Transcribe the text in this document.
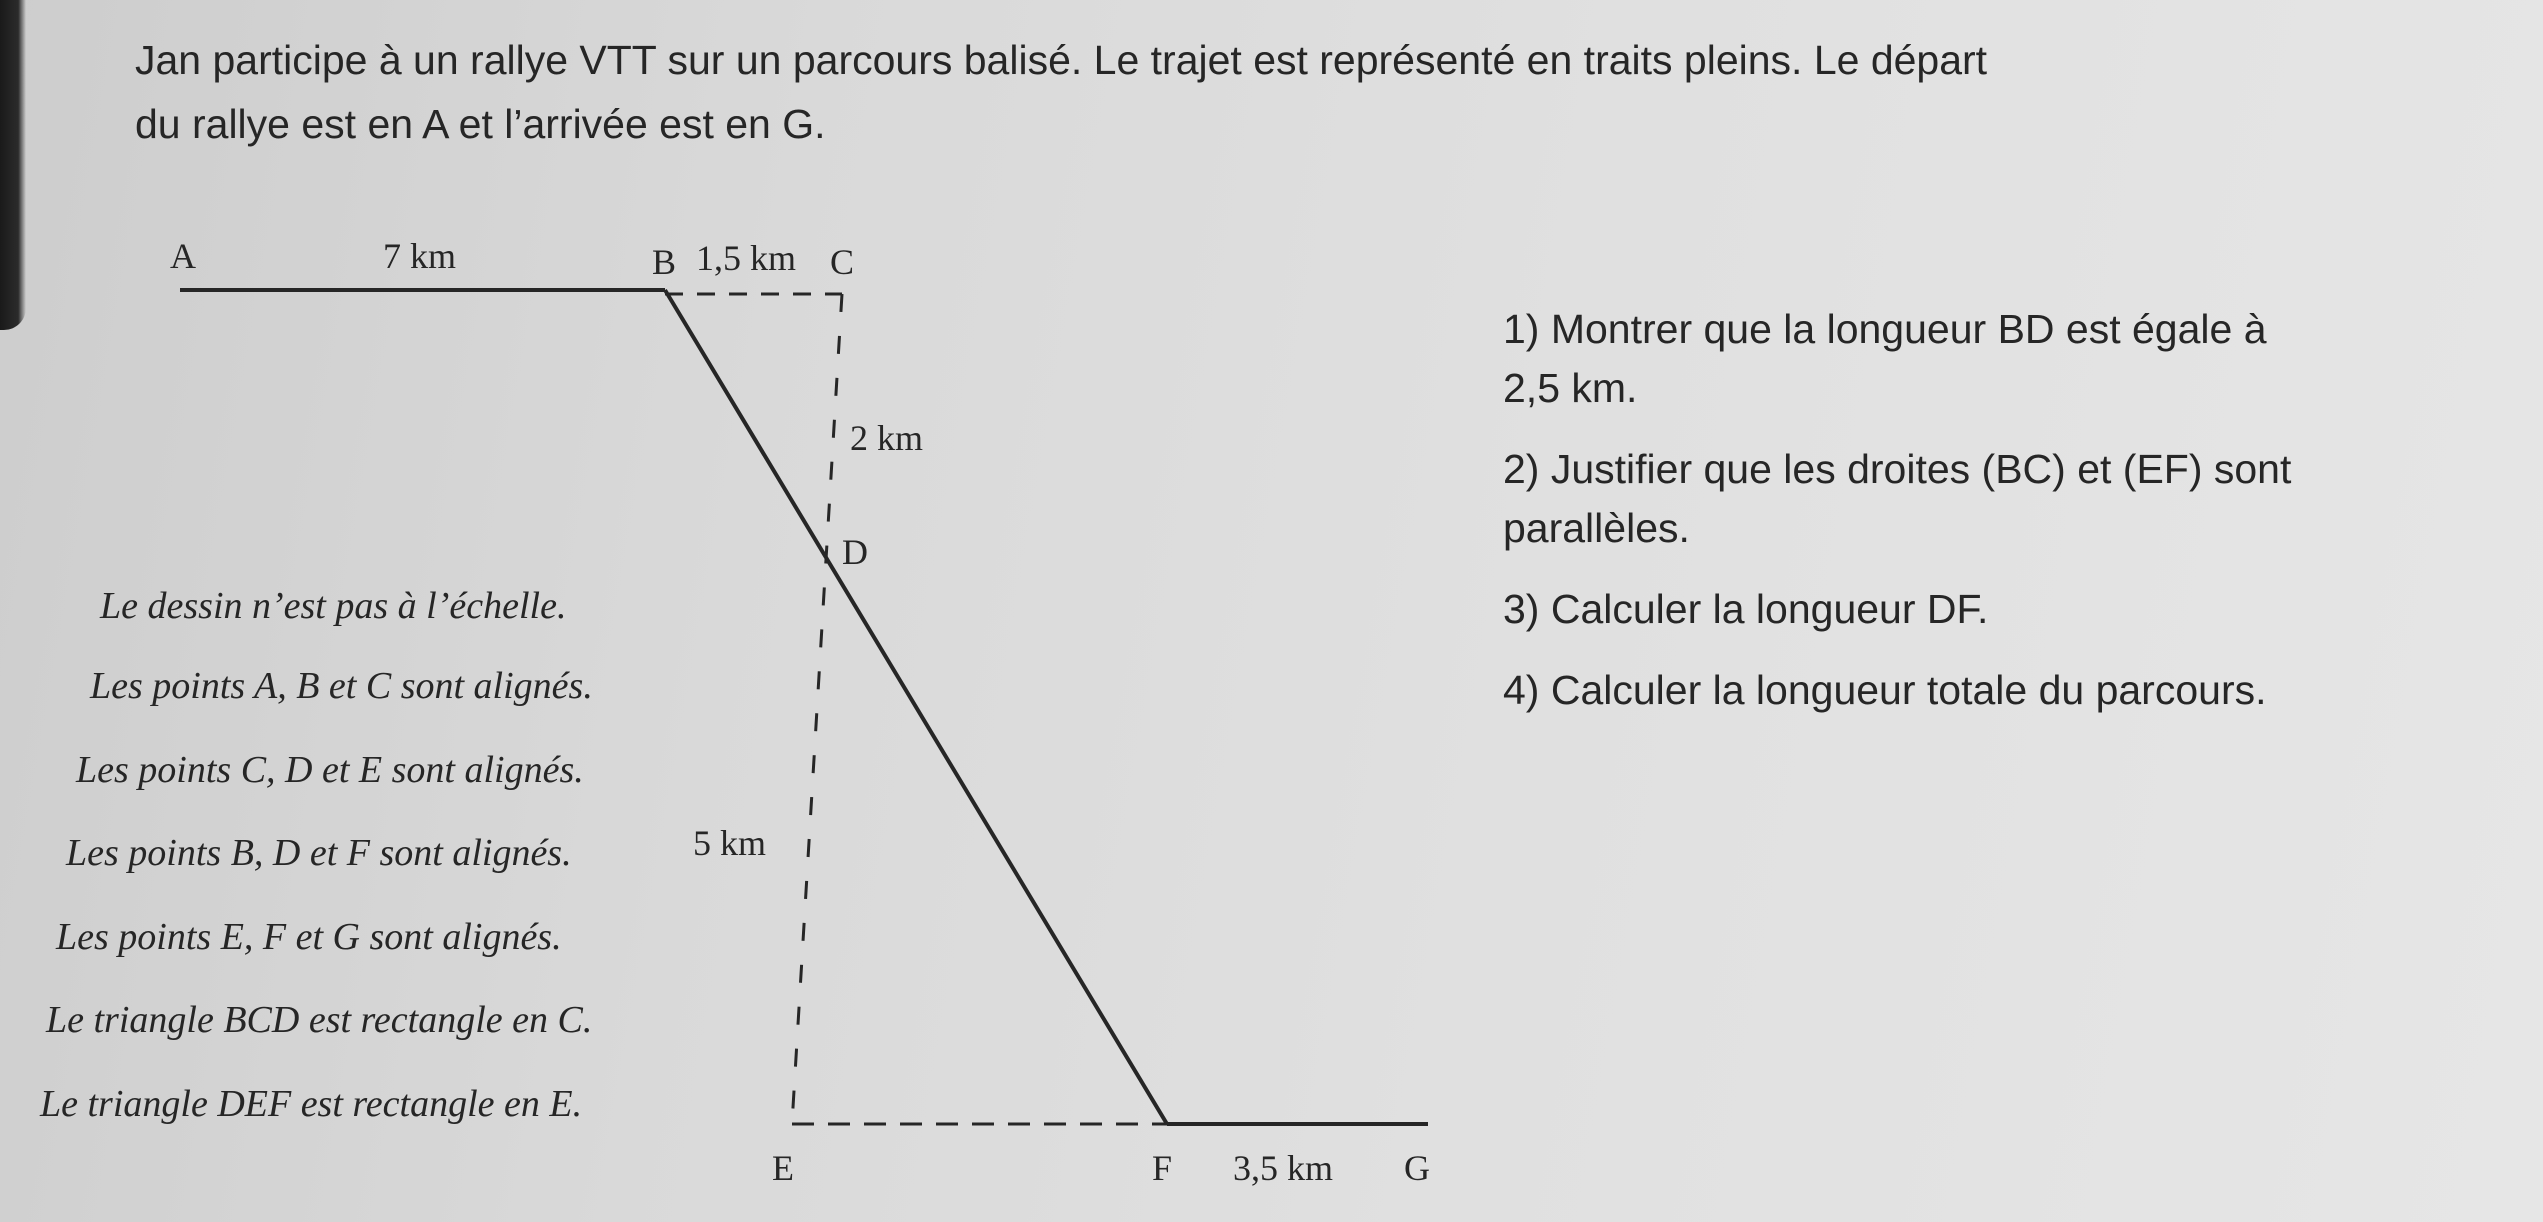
Jan participe à un rallye VTT sur un parcours balisé. Le trajet est représenté en traits pleins. Le départ

du rallye est en A et l’arrivée est en G.

A	B	C
D
E	F	G
7 km	1,5 km
2 km
5 km
3,5 km
Le dessin n’est pas à l’échelle.
Les points A, B et C sont alignés.
Les points C, D et E sont alignés.
Les points B, D et F sont alignés.
Les points E, F et G sont alignés.
Le triangle BCD est rectangle en C.
Le triangle DEF est rectangle en E.

1) Montrer que la longueur BD est égale à
2,5 km.

2) Justifier que les droites (BC) et (EF) sont
parallèles.

3) Calculer la longueur DF.

4) Calculer la longueur totale du parcours.
